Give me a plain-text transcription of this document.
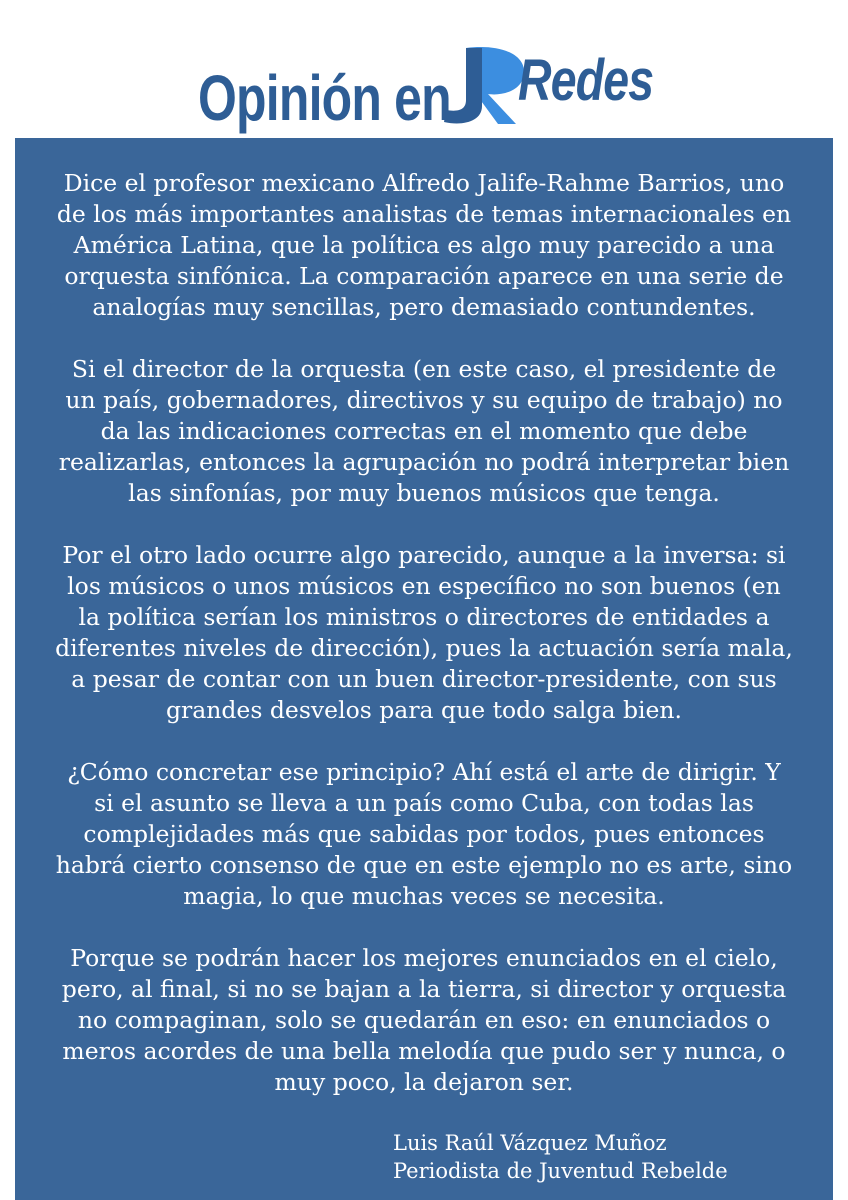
Opinión en Redes

Dice el profesor mexicano Alfredo Jalife-Rahme Barrios, uno de los más importantes analistas de temas internacionales en América Latina, que la política es algo muy parecido a una orquesta sinfónica. La comparación aparece en una serie de analogías muy sencillas, pero demasiado contundentes.

Si el director de la orquesta (en este caso, el presidente de un país, gobernadores, directivos y su equipo de trabajo) no da las indicaciones correctas en el momento que debe realizarlas, entonces la agrupación no podrá interpretar bien las sinfonías, por muy buenos músicos que tenga.

Por el otro lado ocurre algo parecido, aunque a la inversa: si los músicos o unos músicos en específico no son buenos (en la política serían los ministros o directores de entidades a diferentes niveles de dirección), pues la actuación sería mala, a pesar de contar con un buen director-presidente, con sus grandes desvelos para que todo salga bien.

¿Cómo concretar ese principio? Ahí está el arte de dirigir. Y si el asunto se lleva a un país como Cuba, con todas las complejidades más que sabidas por todos, pues entonces habrá cierto consenso de que en este ejemplo no es arte, sino magia, lo que muchas veces se necesita.

Porque se podrán hacer los mejores enunciados en el cielo, pero, al final, si no se bajan a la tierra, si director y orquesta no compaginan, solo se quedarán en eso: en enunciados o meros acordes de una bella melodía que pudo ser y nunca, o muy poco, la dejaron ser.

Luis Raúl Vázquez Muñoz
Periodista de Juventud Rebelde
